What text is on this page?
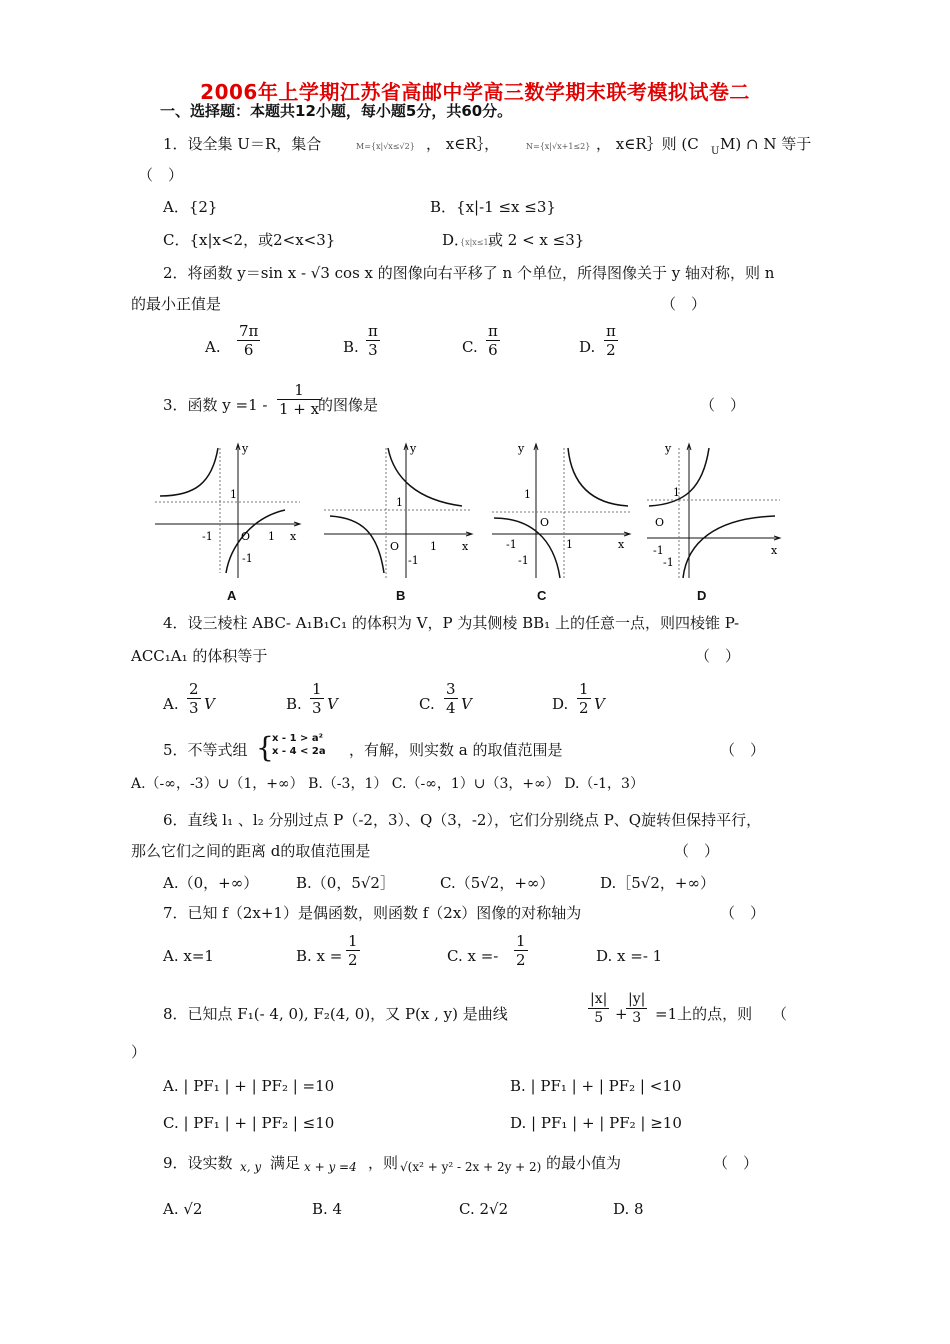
2006年上学期江苏省高邮中学高三数学期末联考模拟试卷二
一、选择题：本题共12小题，每小题5分，共60分。
1．设全集 U＝R，集合	M={x|√x≤√2} ， x∈R｝，	N={x|√x+1≤2} ， x∈R｝则 (C U M) ∩ N 等于
（　）
A．{2}	B．{x|-1 ≤x ≤3}
C．{x|x<2，或2<x<3}	D．
{x|x≤1}
或 2 < x ≤3}
2．将函数 y＝sin x - √3 cos x 的图像向右平移了 n 个单位，所得图像关于 y 轴对称，则 n
的最小正值是	（　）
A. $\frac{7\pi}{6}$	B. $\frac{\pi}{3}$	C. $\frac{\pi}{6}$	D. $\frac{\pi}{2}$
3．函数 $y =1 - \frac{1}{1 + x}$
的图像是	（　）
y
x
1
-1	O 1
-1
A
y
x
1
O	1
-1
B
y
x
1
O
-1	1
-1
C
y
x
1
O
-1
-1
D
4．设三棱柱 ABC- A₁B₁C₁ 的体积为 V，P 为其侧棱 BB₁ 上的任意一点，则四棱锥 P-
ACC₁A₁ 的体积等于	（　）
A. $\frac{2}{3}$ V	B. $\frac{1}{3}$ V	C. $\frac{3}{4}$ V	D. $\frac{1}{2}$ V
5．不等式组 {
x - 1 > a²
x - 4 < 2a ，有解，则实数 a 的取值范围是	（　）
A.（-∞，-3）∪（1，+∞） B.（-3，1） C.（-∞，1）∪（3，+∞） D.（-1，3）
6．直线 l₁ 、l₂ 分别过点 P（-2，3）、Q（3，-2），它们分别绕点 P、Q旋转但保持平行，
那么它们之间的距离 d的取值范围是	（　）
A.（0，+∞）	B.（0，5√2］	C.（5√2，+∞）	D.［5√2，+∞）
7．已知 f（2x+1）是偶函数，则函数 f（2x）图像的对称轴为	（　）
A. x=1	B. $x = \frac{1}{2}$	C. $x =- \frac{1}{2}$	D. x =- 1
8．已知点 F₁(- 4, 0), F₂(4, 0)，又 P(x , y) 是曲线	$\frac{|x|}{5}$ +
$\frac{|y|}{3} =1$上的点，则 （
）
A. | PF₁ | + | PF₂ | =10	B. | PF₁ | + | PF₂ | <10
C. | PF₁ | + | PF₂ | ≤10	D. | PF₁ | + | PF₂ | ≥10
9．设实数 x, y 满足 x + y =4 ，则 √(x² + y² - 2x + 2y + 2) 的最小值为	（　）
A. √2	B. 4	C. 2√2	D. 8
